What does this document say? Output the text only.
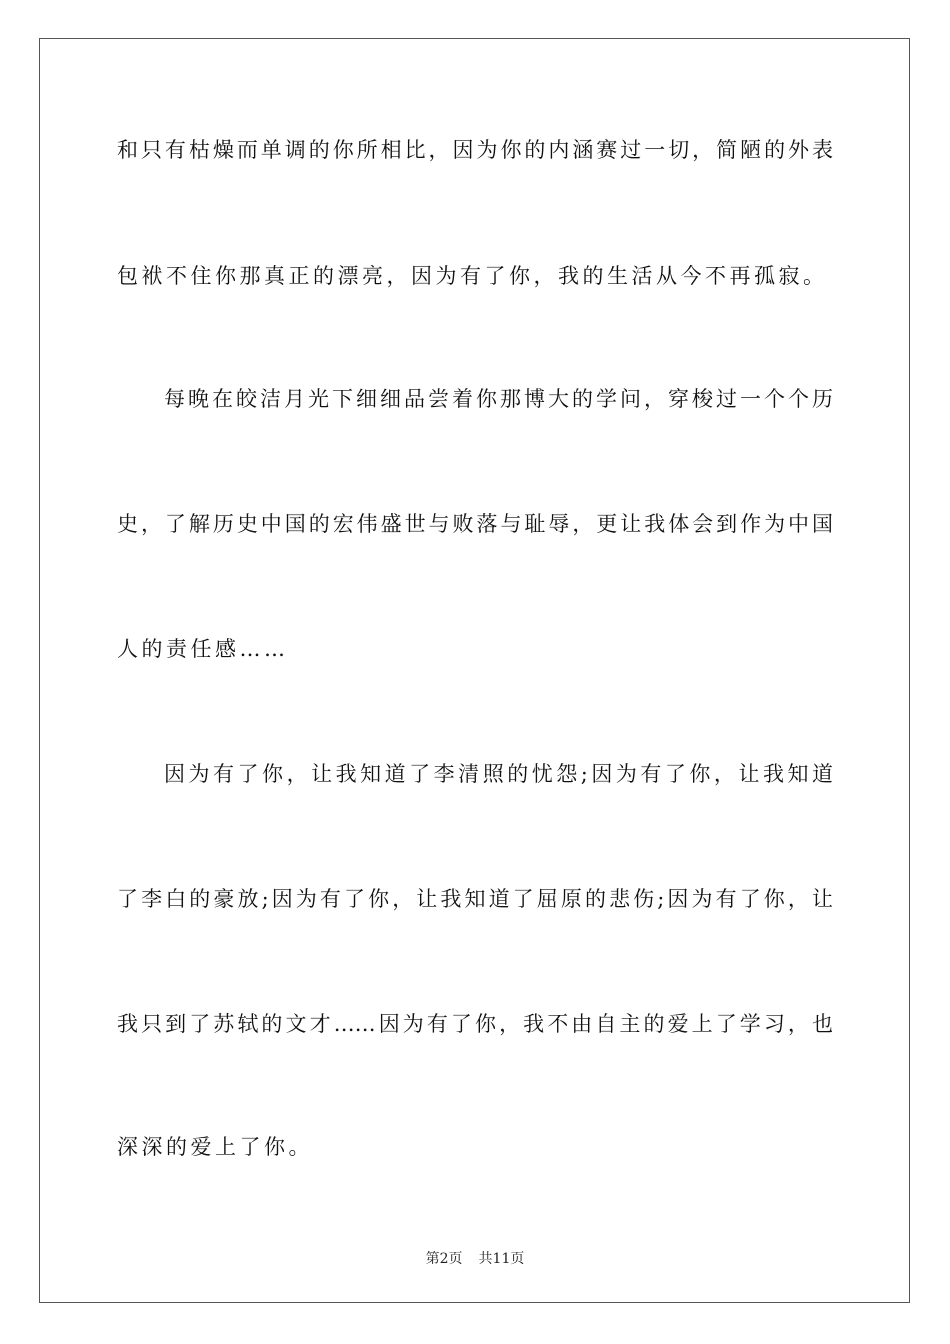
和只有枯燥而单调的你所相比，因为你的内涵赛过一切，简陋的外表
包袱不住你那真正的漂亮，因为有了你，我的生活从今不再孤寂。
每晚在皎洁月光下细细品尝着你那博大的学问，穿梭过一个个历
史，了解历史中国的宏伟盛世与败落与耻辱，更让我体会到作为中国
人的责任感……
因为有了你，让我知道了李清照的忧怨;因为有了你，让我知道
了李白的豪放;因为有了你，让我知道了屈原的悲伤;因为有了你，让
我只到了苏轼的文才……因为有了你，我不由自主的爱上了学习，也
深深的爱上了你。
第2页 共11页
